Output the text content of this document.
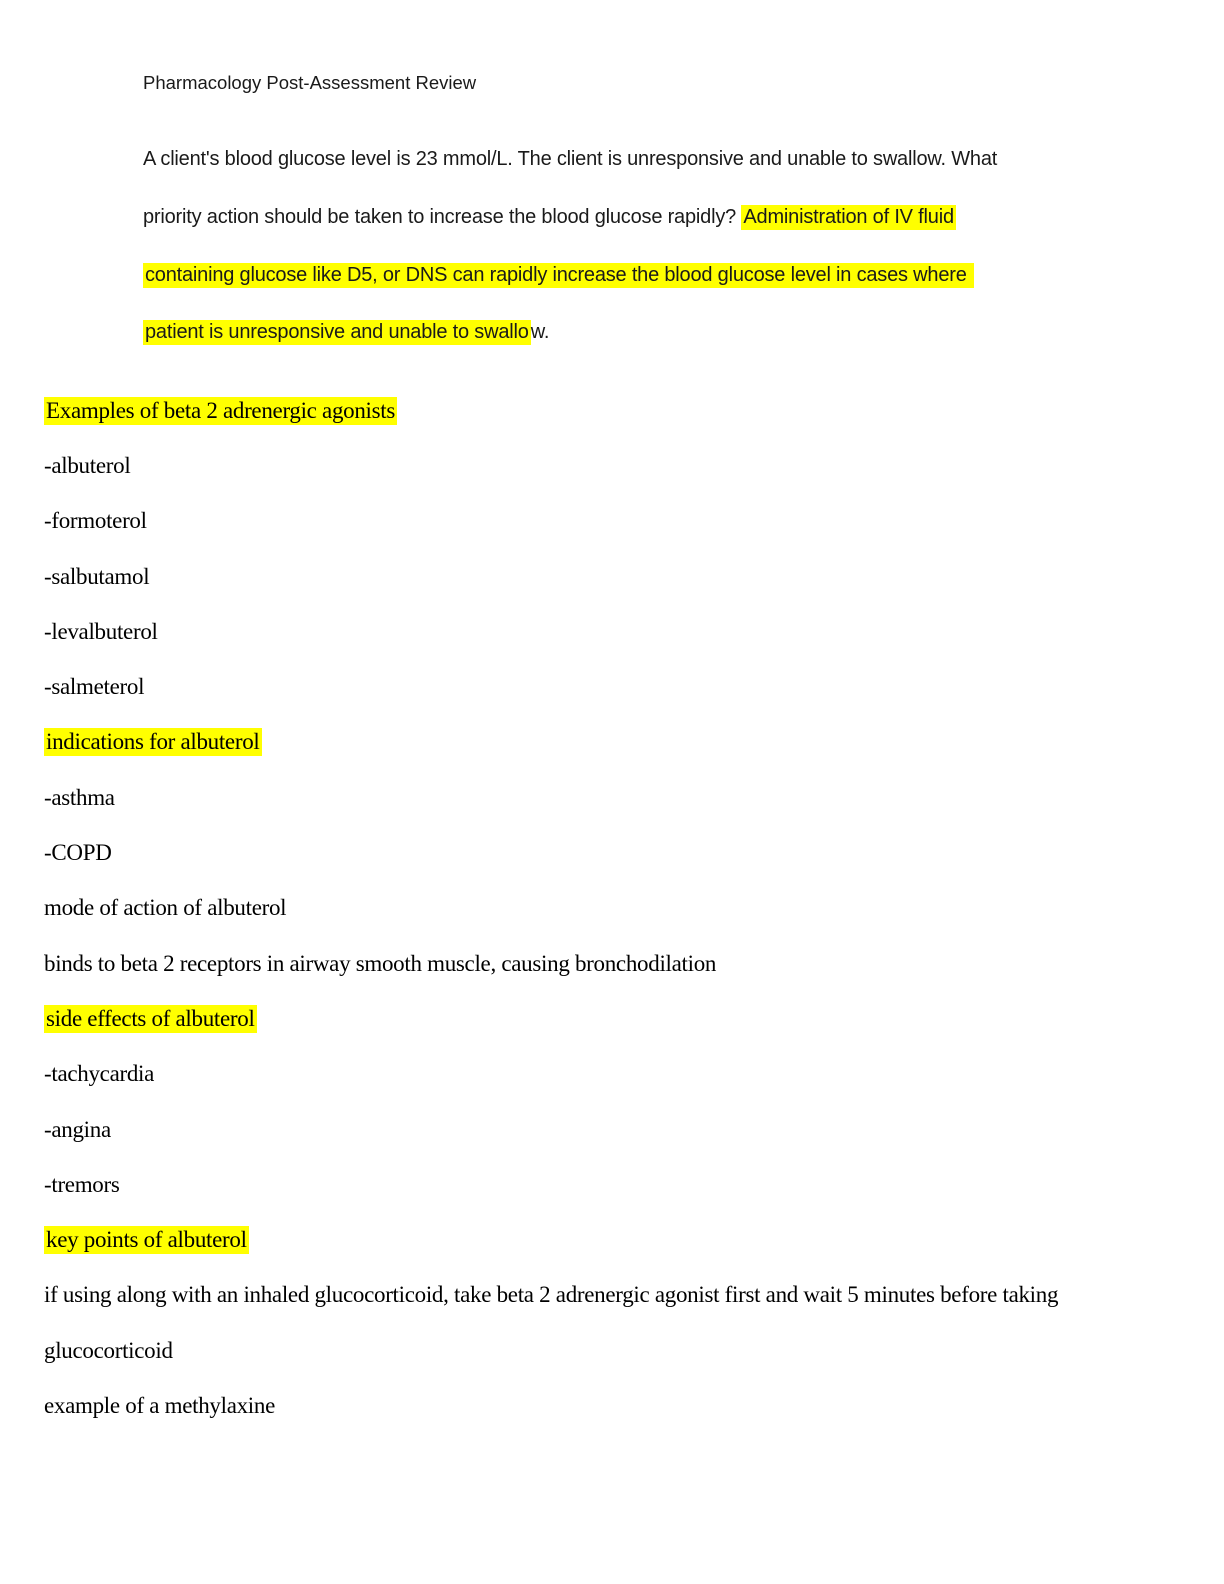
Pharmacology Post-Assessment Review
A client's blood glucose level is 23 mmol/L. The client is unresponsive and unable to swallow. What
priority action should be taken to increase the blood glucose rapidly? Administration of IV fluid
containing glucose like D5, or DNS can rapidly increase the blood glucose level in cases where
patient is unresponsive and unable to swallo w.
Examples of beta 2 adrenergic agonists
-albuterol
-formoterol
-salbutamol
-levalbuterol
-salmeterol
indications for albuterol
-asthma
-COPD
mode of action of albuterol
binds to beta 2 receptors in airway smooth muscle, causing bronchodilation
side effects of albuterol
-tachycardia
-angina
-tremors
key points of albuterol
if using along with an inhaled glucocorticoid, take beta 2 adrenergic agonist first and wait 5 minutes before taking
glucocorticoid
example of a methylaxine
